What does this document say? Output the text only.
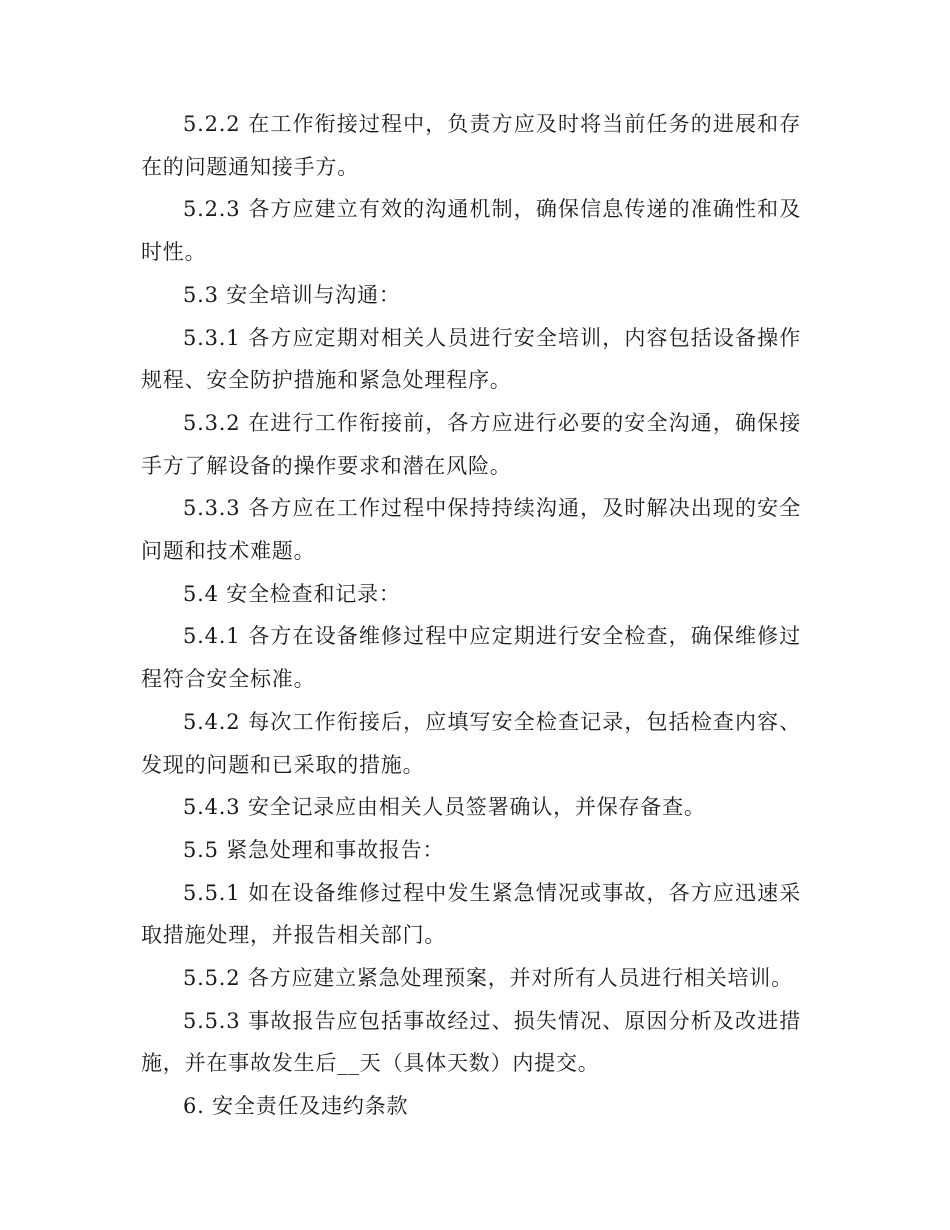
5.2.2 在工作衔接过程中，负责方应及时将当前任务的进展和存在的问题通知接手方。

5.2.3 各方应建立有效的沟通机制，确保信息传递的准确性和及时性。

5.3 安全培训与沟通：

5.3.1 各方应定期对相关人员进行安全培训，内容包括设备操作规程、安全防护措施和紧急处理程序。

5.3.2 在进行工作衔接前，各方应进行必要的安全沟通，确保接手方了解设备的操作要求和潜在风险。

5.3.3 各方应在工作过程中保持持续沟通，及时解决出现的安全问题和技术难题。

5.4 安全检查和记录：

5.4.1 各方在设备维修过程中应定期进行安全检查，确保维修过程符合安全标准。

5.4.2 每次工作衔接后，应填写安全检查记录，包括检查内容、发现的问题和已采取的措施。

5.4.3 安全记录应由相关人员签署确认，并保存备查。

5.5 紧急处理和事故报告：

5.5.1 如在设备维修过程中发生紧急情况或事故，各方应迅速采取措施处理，并报告相关部门。

5.5.2 各方应建立紧急处理预案，并对所有人员进行相关培训。

5.5.3 事故报告应包括事故经过、损失情况、原因分析及改进措施，并在事故发生后__天（具体天数）内提交。

6. 安全责任及违约条款
